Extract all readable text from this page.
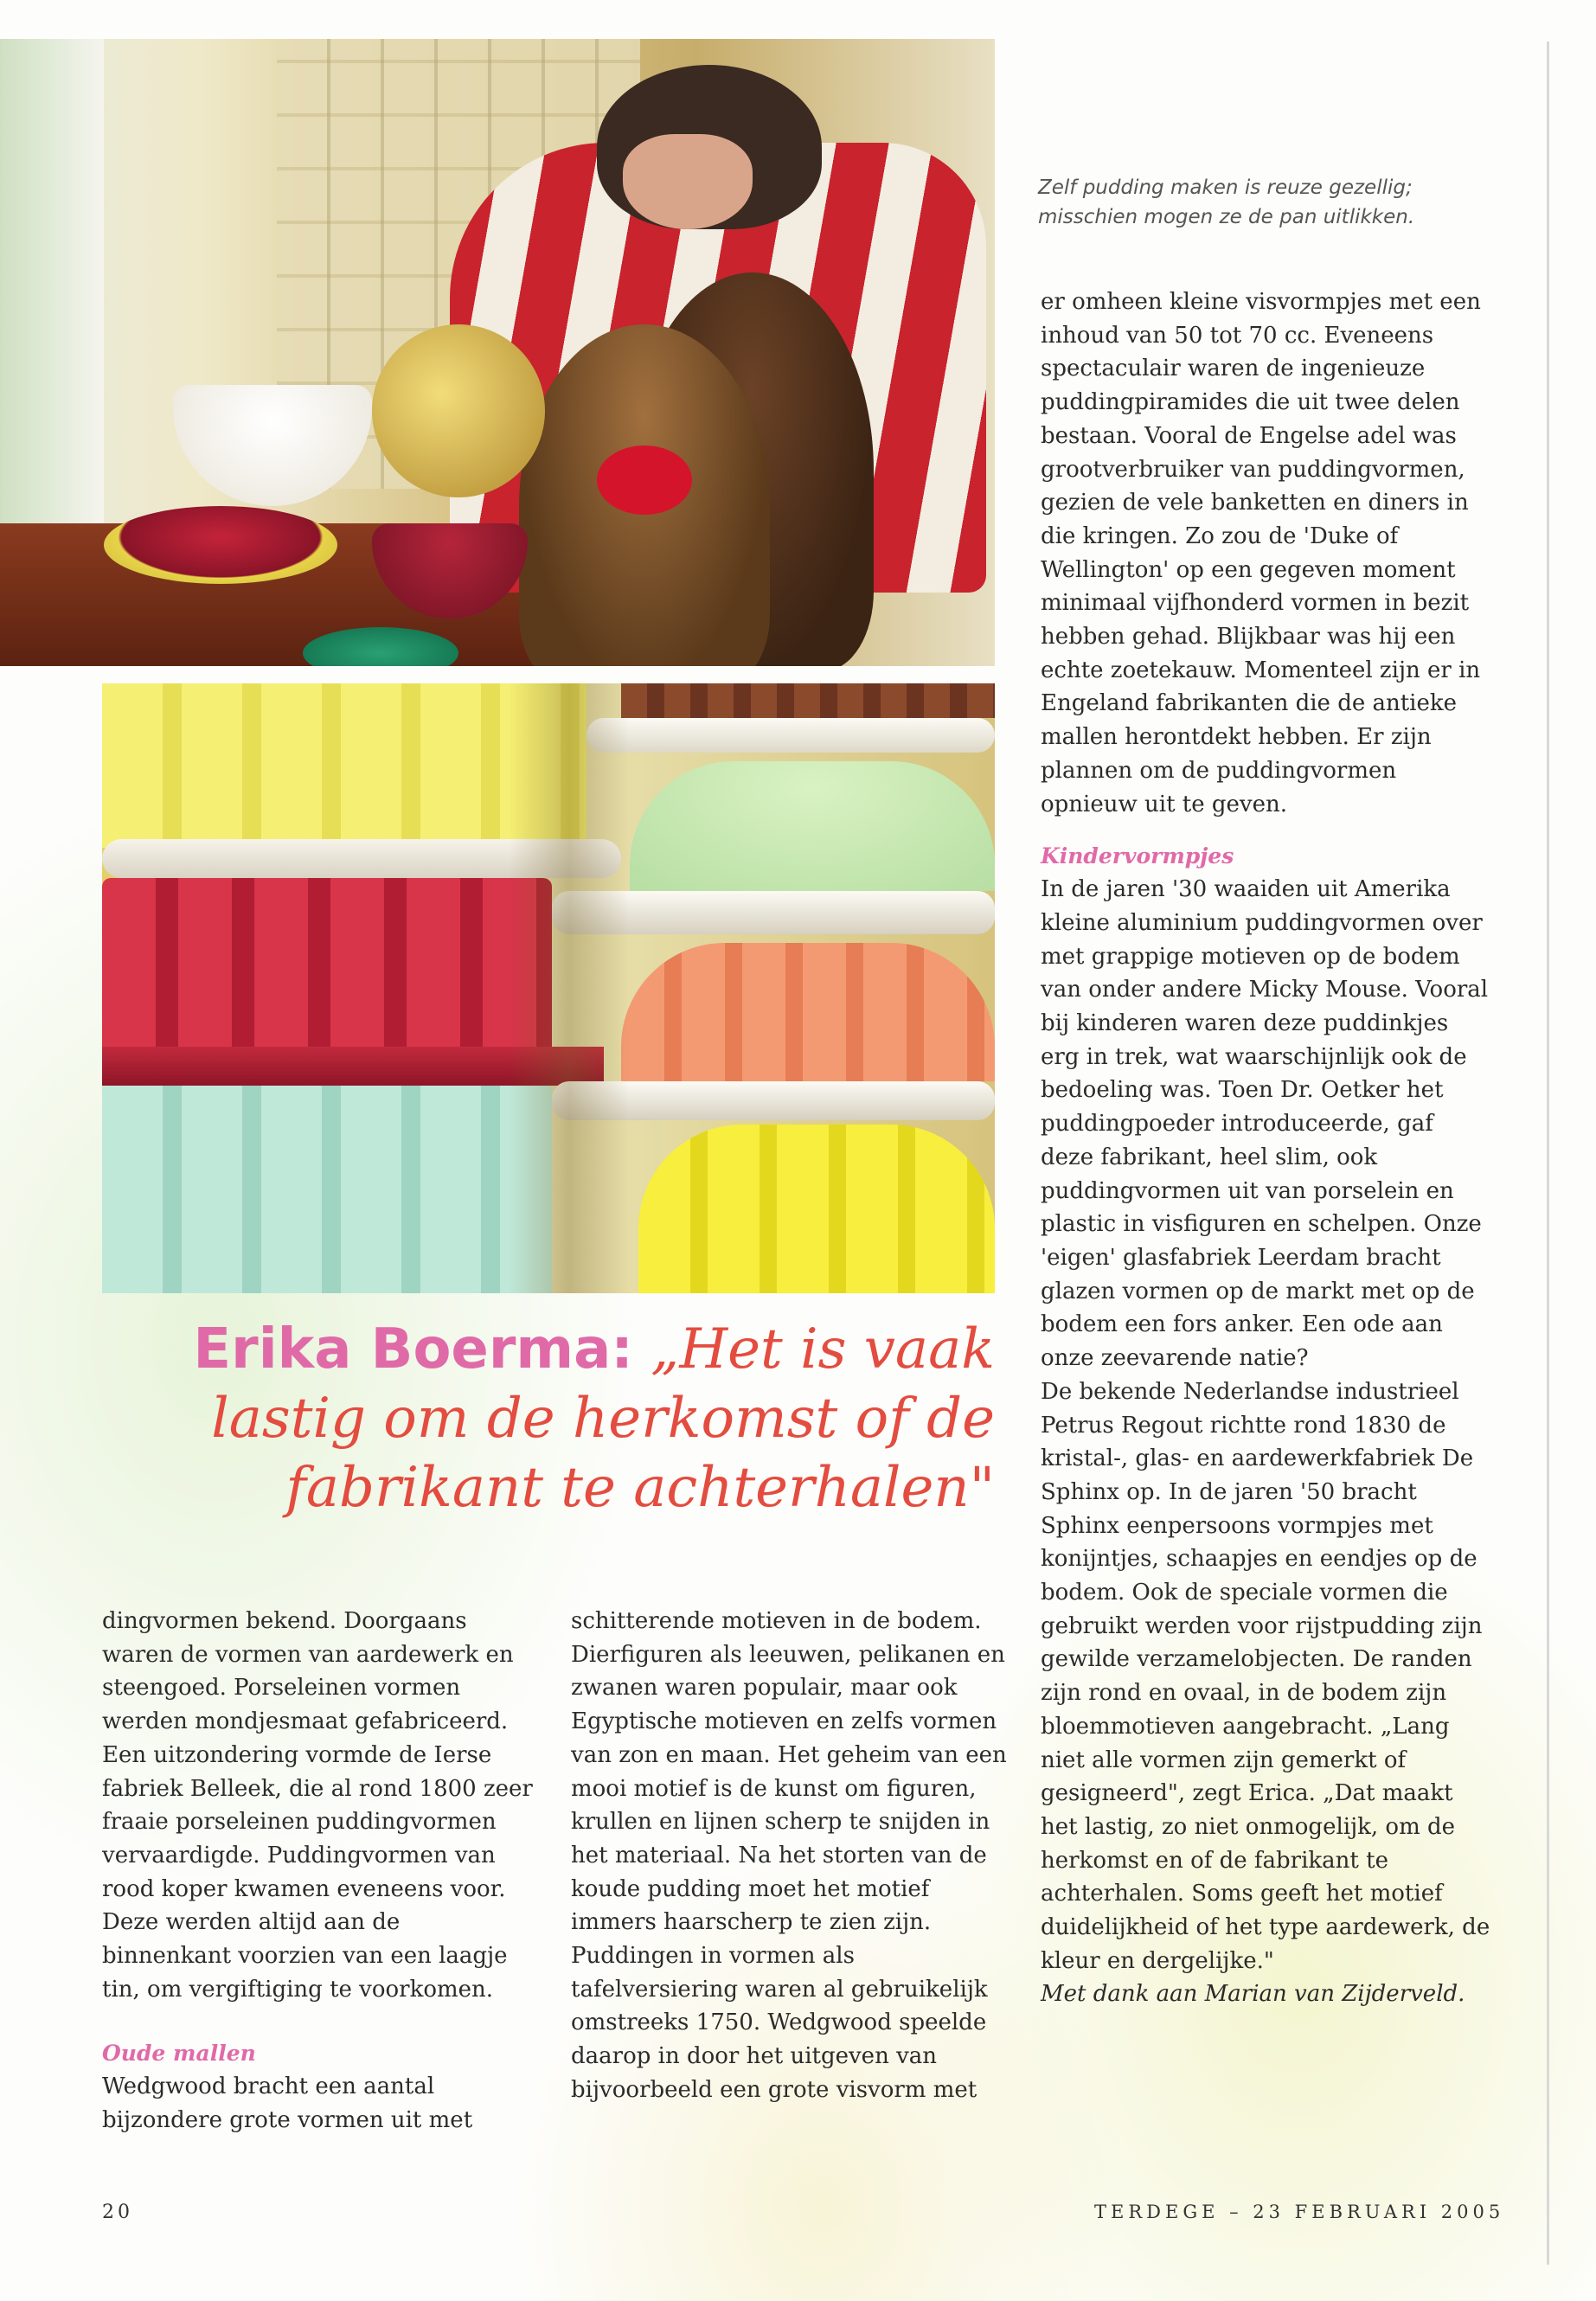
Zelf pudding maken is reuze gezellig;
misschien mogen ze de pan uitlikken.
Erika Boerma: „Het is vaak
lastig om de herkomst of de
fabrikant te achterhalen"

dingvormen bekend. Doorgaans waren de vormen van aardewerk en steengoed. Porseleinen vormen werden mondjesmaat gefabriceerd. Een uitzondering vormde de Ierse fabriek Belleek, die al rond 1800 zeer fraaie porseleinen puddingvormen vervaardigde. Puddingvormen van rood koper kwamen eveneens voor. Deze werden altijd aan de binnenkant voorzien van een laagje tin, om vergiftiging te voorkomen.

Oude mallen

Wedgwood bracht een aantal bijzondere grote vormen uit met

schitterende motieven in de bodem. Dierfiguren als leeuwen, pelikanen en zwanen waren populair, maar ook Egyptische motieven en zelfs vormen van zon en maan. Het geheim van een mooi motief is de kunst om figuren, krullen en lijnen scherp te snijden in het materiaal. Na het storten van de koude pudding moet het motief immers haarscherp te zien zijn.

Puddingen in vormen als tafelversiering waren al gebruikelijk omstreeks 1750. Wedgwood speelde daarop in door het uitgeven van bijvoorbeeld een grote visvorm met

er omheen kleine visvormpjes met een inhoud van 50 tot 70 cc. Eveneens spectaculair waren de ingenieuze puddingpiramides die uit twee delen bestaan. Vooral de Engelse adel was grootverbruiker van puddingvormen, gezien de vele banketten en diners in die kringen. Zo zou de 'Duke of Wellington' op een gegeven moment minimaal vijfhonderd vormen in bezit hebben gehad. Blijkbaar was hij een echte zoetekauw. Momenteel zijn er in Engeland fabrikanten die de antieke mallen herontdekt hebben. Er zijn plannen om de puddingvormen opnieuw uit te geven.

Kindervormpjes

In de jaren '30 waaiden uit Amerika kleine aluminium puddingvormen over met grappige motieven op de bodem van onder andere Micky Mouse. Vooral bij kinderen waren deze puddinkjes erg in trek, wat waarschijnlijk ook de bedoeling was. Toen Dr. Oetker het puddingpoeder introduceerde, gaf deze fabrikant, heel slim, ook puddingvormen uit van porselein en plastic in visfiguren en schelpen. Onze 'eigen' glasfabriek Leerdam bracht glazen vormen op de markt met op de bodem een fors anker. Een ode aan onze zeevarende natie?

De bekende Nederlandse industrieel Petrus Regout richtte rond 1830 de kristal-, glas- en aardewerkfabriek De Sphinx op. In de jaren '50 bracht Sphinx eenpersoons vormpjes met konijntjes, schaapjes en eendjes op de bodem. Ook de speciale vormen die gebruikt werden voor rijstpudding zijn gewilde verzamelobjecten. De randen zijn rond en ovaal, in de bodem zijn bloemmotieven aangebracht. „Lang niet alle vormen zijn gemerkt of gesigneerd", zegt Erica. „Dat maakt het lastig, zo niet onmogelijk, om de herkomst en of de fabrikant te achterhalen. Soms geeft het motief duidelijkheid of het type aardewerk, de kleur en dergelijke."

Met dank aan Marian van Zijderveld.

20	TERDEGE – 23 FEBRUARI 2005
